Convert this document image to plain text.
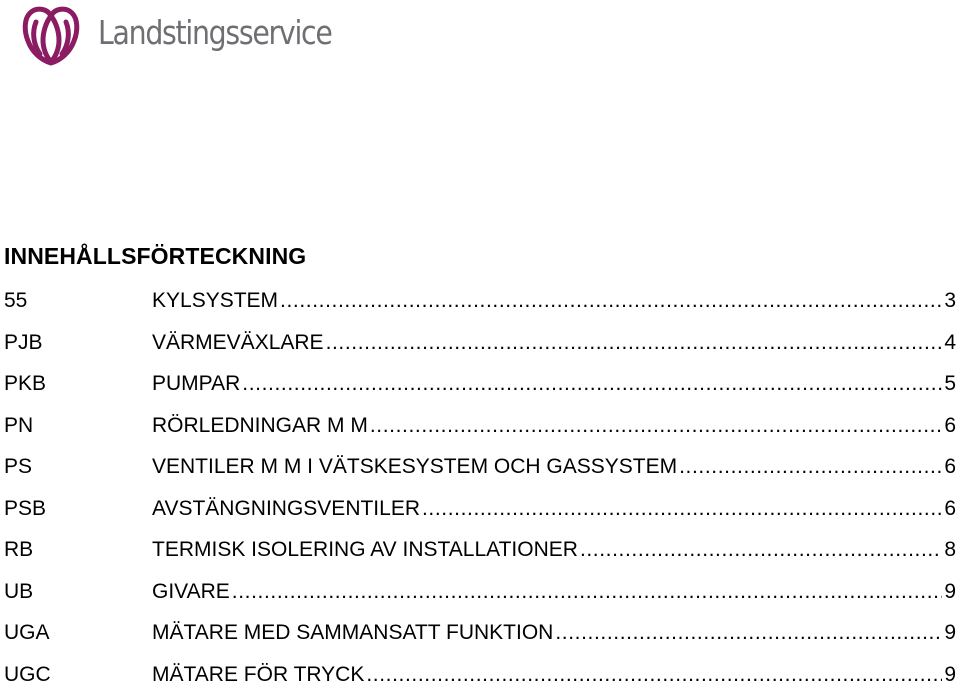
Landstingsservice
INNEHÅLLSFÖRTECKNING
55	KYLSYSTEM .....	3
PJB	VÄRMEVÄXLARE .....	4
PKB	PUMPAR .....	5
PN	RÖRLEDNINGAR M M .....	6
PS	VENTILER M M I VÄTSKESYSTEM OCH GASSYSTEM .....	6
PSB	AVSTÄNGNINGSVENTILER .....	6
RB	TERMISK ISOLERING AV INSTALLATIONER .....	8
UB	GIVARE .....	9
UGA	MÄTARE MED SAMMANSATT FUNKTION .....	9
UGC	MÄTARE FÖR TRYCK .....	9
